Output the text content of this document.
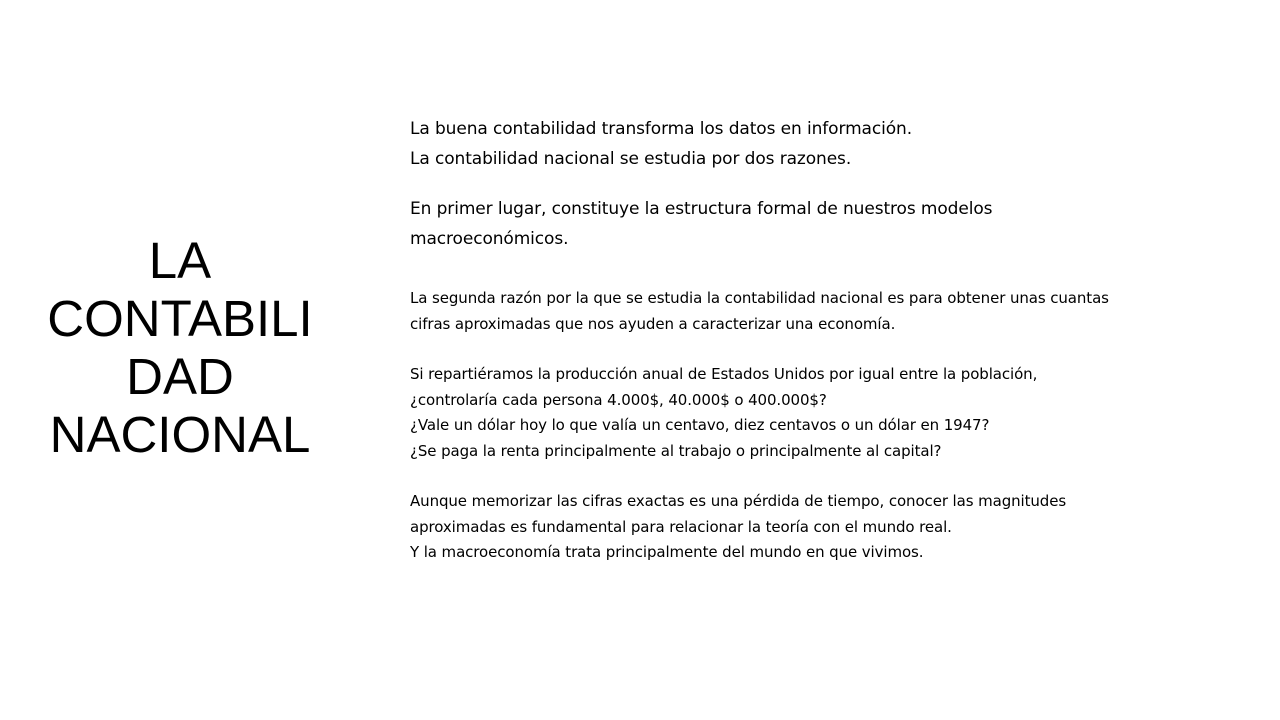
LA
CONTABILI
DAD
NACIONAL

La buena contabilidad transforma los datos en información.

La contabilidad nacional se estudia por dos razones.

En primer lugar, constituye la estructura formal de nuestros modelos

macroeconómicos.

La segunda razón por la que se estudia la contabilidad nacional es para obtener unas cuantas

cifras aproximadas que nos ayuden a caracterizar una economía.

Si repartiéramos la producción anual de Estados Unidos por igual entre la población,

¿controlaría cada persona 4.000$, 40.000$ o 400.000$?

¿Vale un dólar hoy lo que valía un centavo, diez centavos o un dólar en 1947?

¿Se paga la renta principalmente al trabajo o principalmente al capital?

Aunque memorizar las cifras exactas es una pérdida de tiempo, conocer las magnitudes

aproximadas es fundamental para relacionar la teoría con el mundo real.

Y la macroeconomía trata principalmente del mundo en que vivimos.
